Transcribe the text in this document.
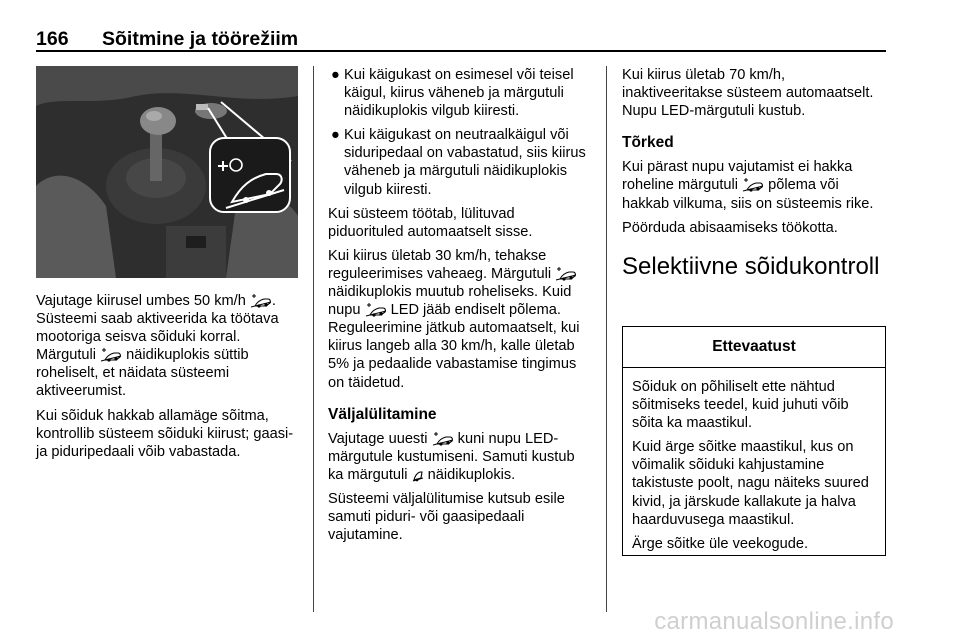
166 Sõitmine ja töörežiim

Vajutage kiirusel umbes 50 km/h . Süsteemi saab aktiveerida ka töötava mootoriga seisva sõiduki korral. Märgutuli näidikuplokis süttib roheliselt, et näidata süsteemi aktiveerumist.

Kui sõiduk hakkab allamäge sõitma, kontrollib süsteem sõiduki kiirust; gaasi- ja piduripedaali võib vabastada.

● Kui käigukast on esimesel või teisel käigul, kiirus väheneb ja märgutuli näidikuplokis vilgub kiiresti.
● Kui käigukast on neutraalkäigul või siduripedaal on vabastatud, siis kiirus väheneb ja märgutuli näidikuplokis vilgub kiiresti.

Kui süsteem töötab, lülituvad piduorituled automaatselt sisse.

Kui kiirus ületab 30 km/h, tehakse reguleerimises vaheaeg. Märgutuli  näidikuplokis muutub roheliseks. Kuid nupu LED jääb endiselt põlema. Reguleerimine jätkub automaatselt, kui kiirus langeb alla 30 km/h, kalle ületab 5% ja pedaalide vabastamise tingimus on täidetud.

Väljalülitamine

Vajutage uuesti kuni nupu LED-märgutule kustumiseni. Samuti kustub ka märgutuli näidikuplokis.

Süsteemi väljalülitumise kutsub esile samuti piduri- või gaasipedaali vajutamine.

Kui kiirus ületab 70 km/h, inaktiveeritakse süsteem automaatselt. Nupu LED-märgutuli kustub.

Tõrked

Kui pärast nupu vajutamist ei hakka roheline märgutuli põlema või hakkab vilkuma, siis on süsteemis rike.

Pöörduda abisaamiseks töökotta.

Selektiivne sõidukontroll
Ettevaatust

Sõiduk on põhiliselt ette nähtud sõitmiseks teedel, kuid juhuti võib sõita ka maastikul.

Kuid ärge sõitke maastikul, kus on võimalik sõiduki kahjustamine takistuste poolt, nagu näiteks suured kivid, ja järskude kallakute ja halva haarduvusega maastikul.

Ärge sõitke üle veekogude.

carmanualsonline.info
